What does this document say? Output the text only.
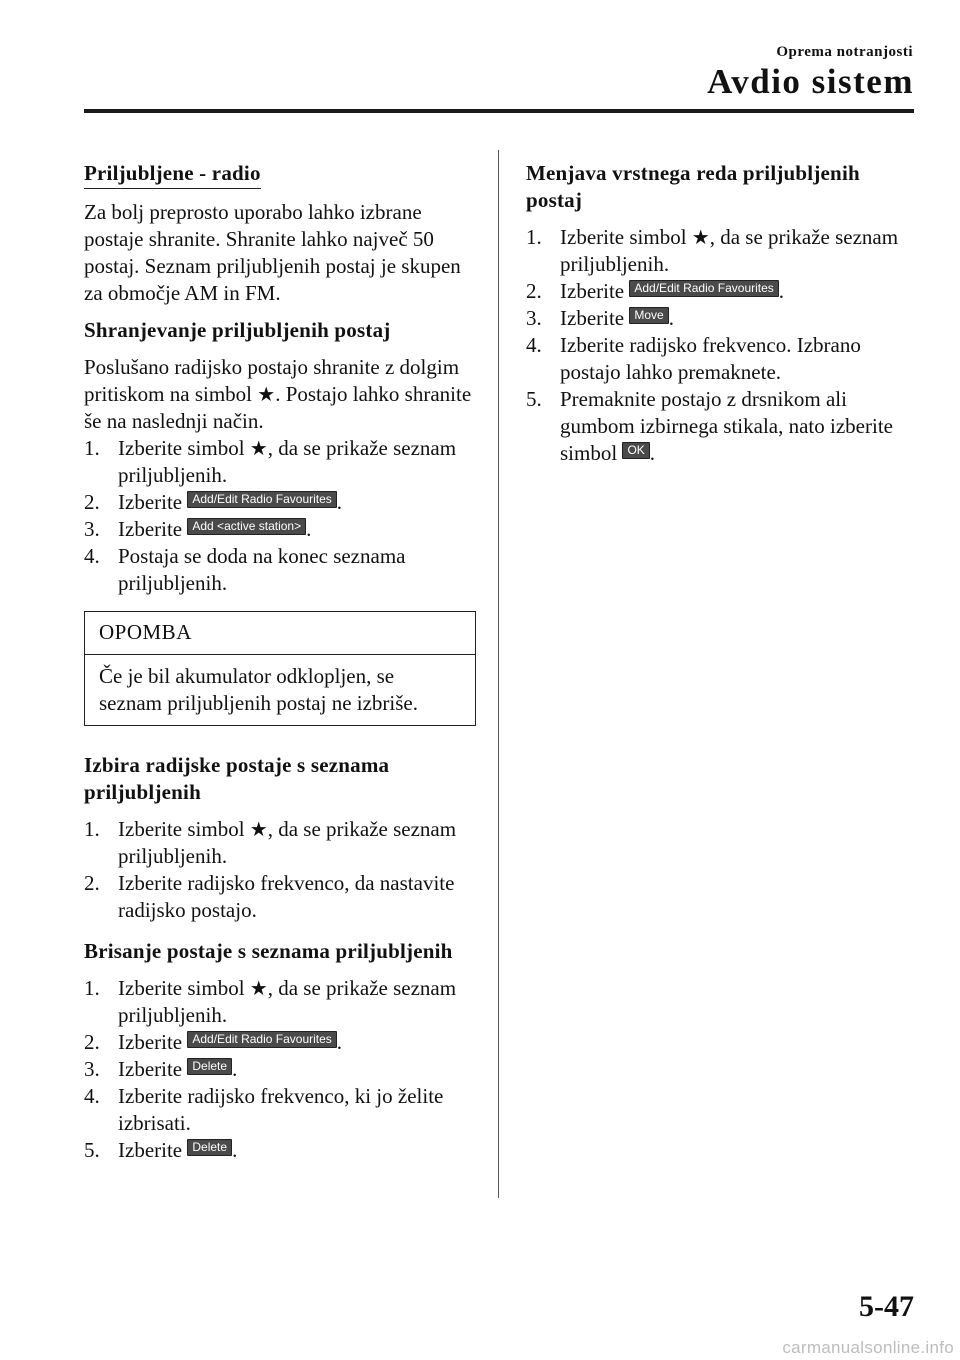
Oprema notranjosti
Avdio sistem
Priljubljene - radio

Za bolj preprosto uporabo lahko izbrane postaje shranite. Shranite lahko največ 50 postaj. Seznam priljubljenih postaj je skupen za območje AM in FM.

Shranjevanje priljubljenih postaj

Poslušano radijsko postajo shranite z dolgim pritiskom na simbol ★. Postajo lahko shranite še na naslednji način.

1. Izberite simbol ★, da se prikaže seznam priljubljenih.
2. Izberite Add/Edit Radio Favourites .
3. Izberite Add <active station> .
4. Postaja se doda na konec seznama priljubljenih.
OPOMBA
Če je bil akumulator odklopljen, se seznam priljubljenih postaj ne izbriše.
Izbira radijske postaje s seznama priljubljenih
1. Izberite simbol ★, da se prikaže seznam priljubljenih.
2. Izberite radijsko frekvenco, da nastavite radijsko postajo.
Brisanje postaje s seznama priljubljenih
1. Izberite simbol ★, da se prikaže seznam priljubljenih.
2. Izberite Add/Edit Radio Favourites .
3. Izberite Delete .
4. Izberite radijsko frekvenco, ki jo želite izbrisati.
5. Izberite Delete .
Menjava vrstnega reda priljubljenih postaj
1. Izberite simbol ★, da se prikaže seznam priljubljenih.
2. Izberite Add/Edit Radio Favourites .
3. Izberite Move .
4. Izberite radijsko frekvenco. Izbrano postajo lahko premaknete.
5. Premaknite postajo z drsnikom ali gumbom izbirnega stikala, nato izberite simbol OK .
5-47
carmanualsonline.info
